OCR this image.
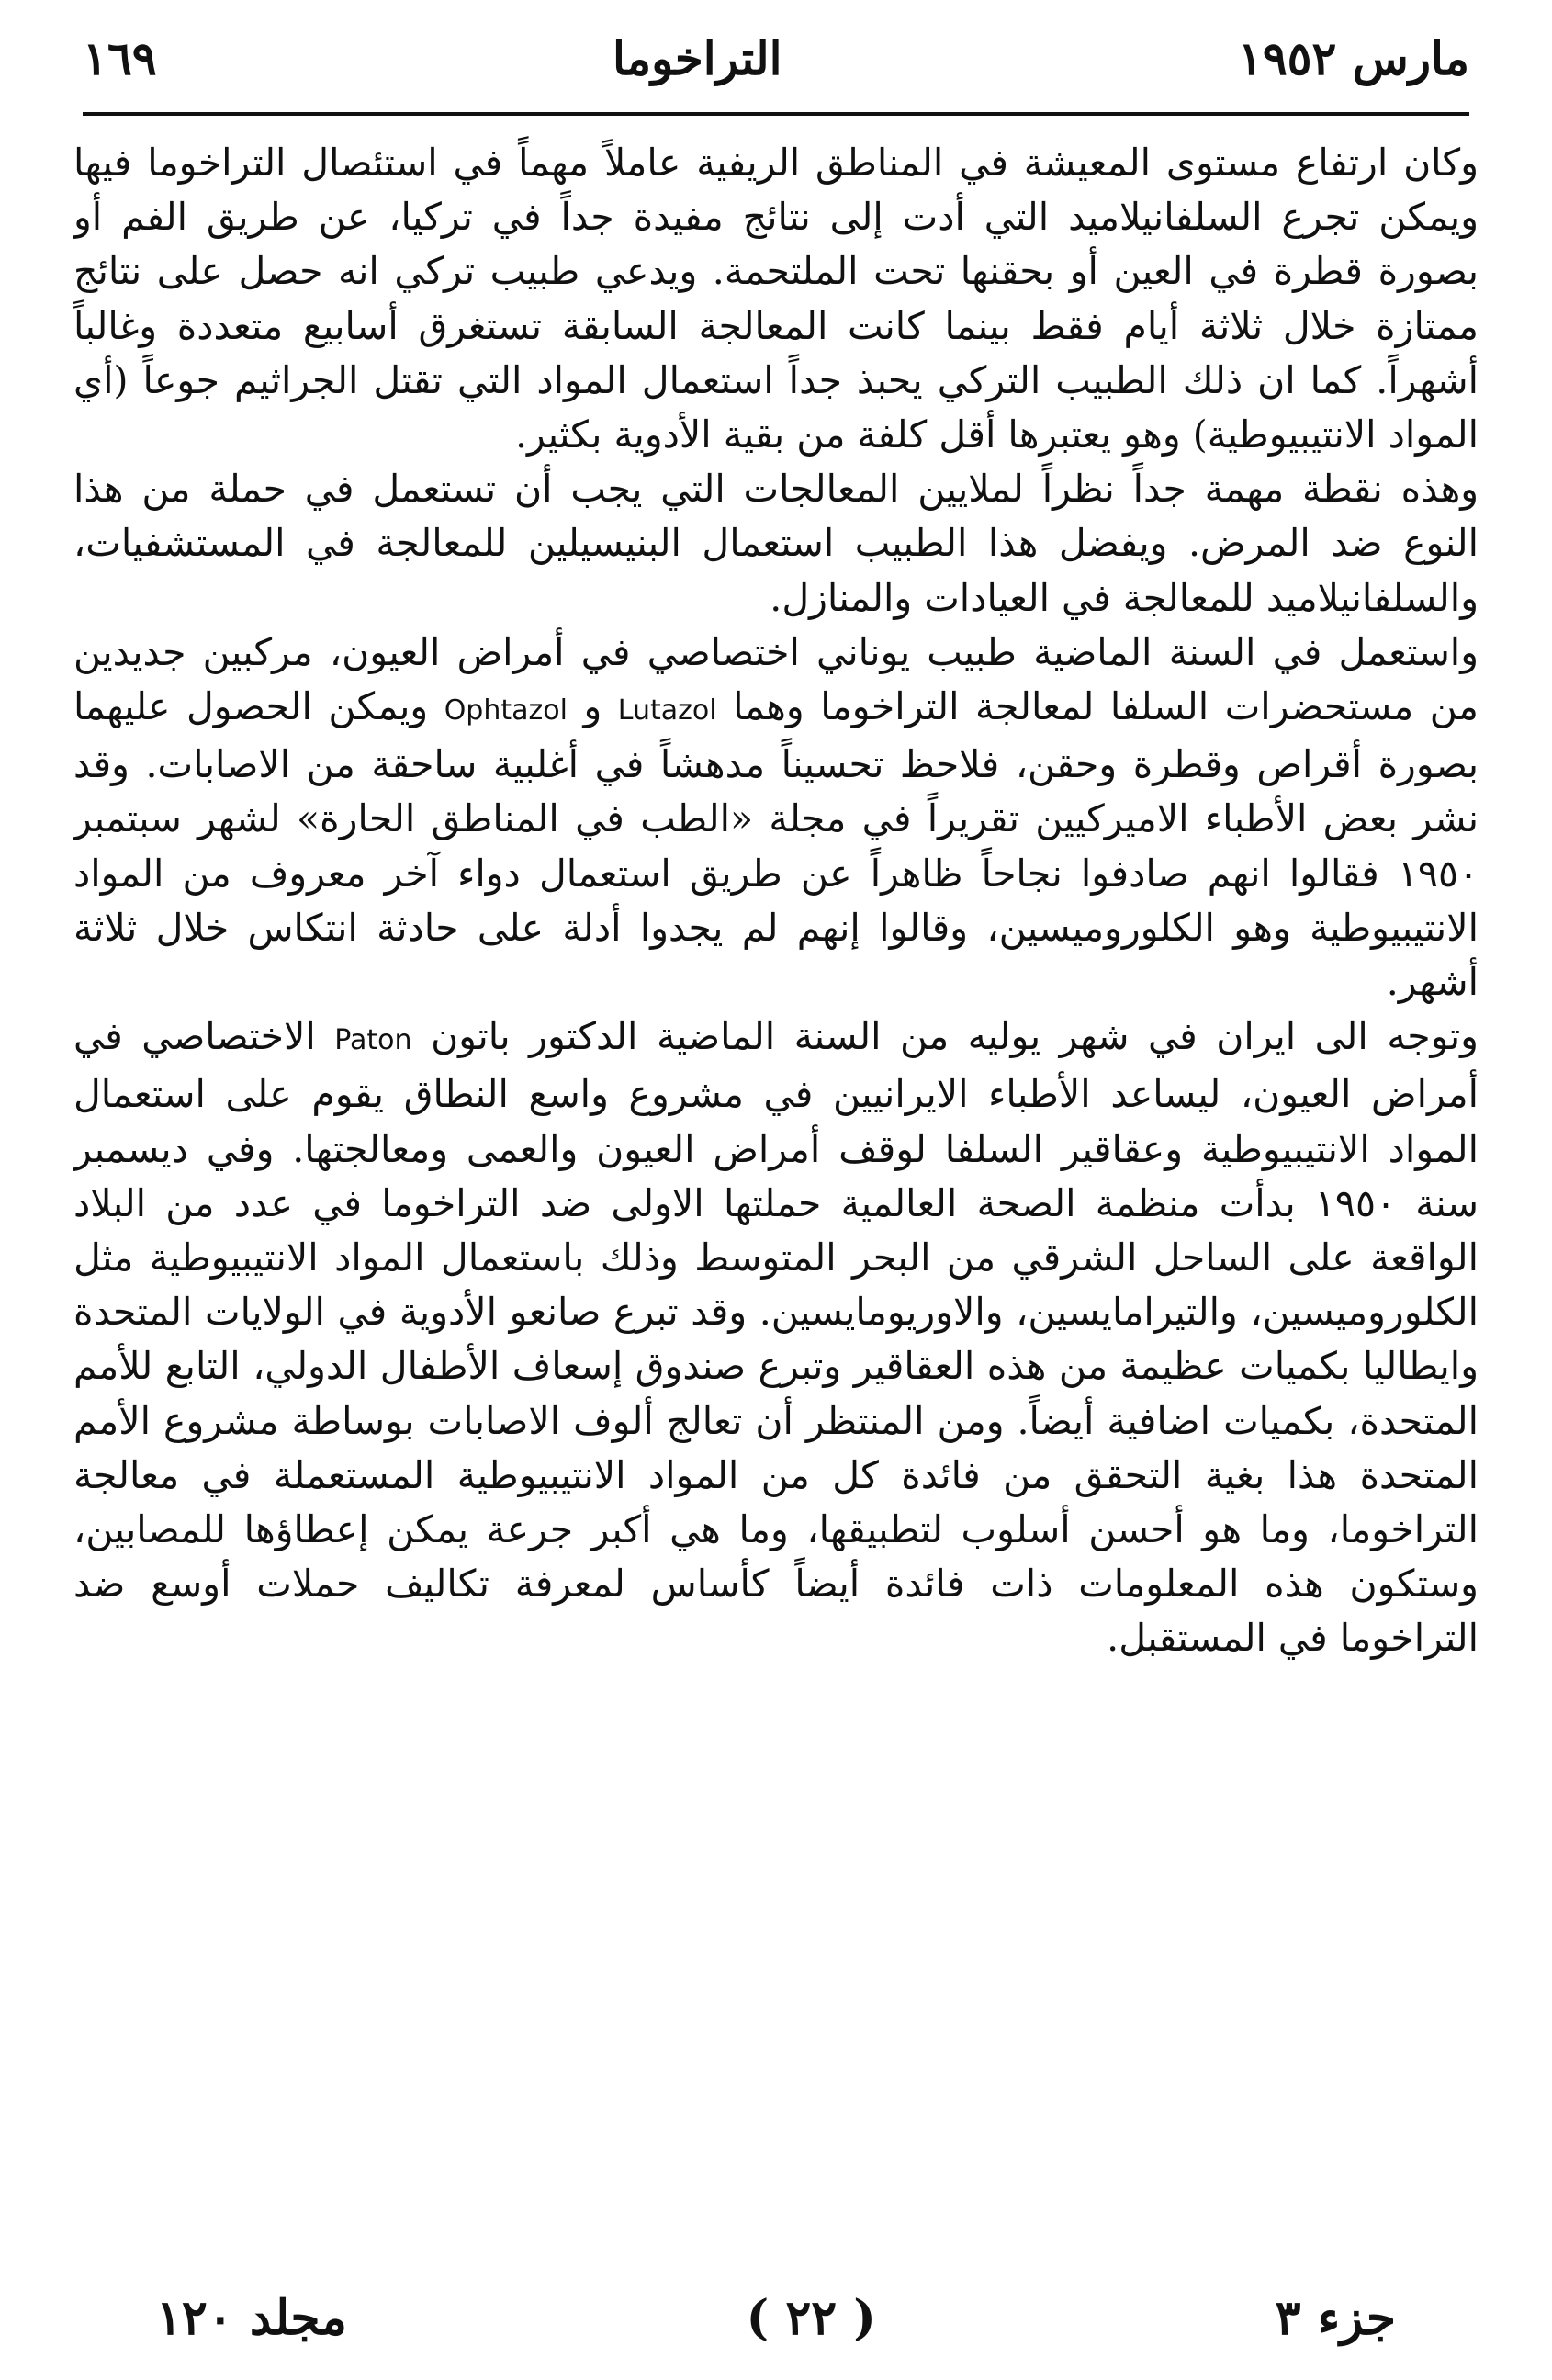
مارس ١٩٥٢
التراخوما
١٦٩

وكان ارتفاع مستوى المعيشة في المناطق الريفية عاملاً مهماً في استئصال التراخوما فيها ويمكن تجرع السلفانيلاميد التي أدت إلى نتائج مفيدة جداً في تركيا، عن طريق الفم أو بصورة قطرة في العين أو بحقنها تحت الملتحمة. ويدعي طبيب تركي انه حصل على نتائج ممتازة خلال ثلاثة أيام فقط بينما كانت المعالجة السابقة تستغرق أسابيع متعددة وغالباً أشهراً. كما ان ذلك الطبيب التركي يحبذ جداً استعمال المواد التي تقتل الجراثيم جوعاً (أي المواد الانتيبيوطية) وهو يعتبرها أقل كلفة من بقية الأدوية بكثير.

وهذه نقطة مهمة جداً نظراً لملايين المعالجات التي يجب أن تستعمل في حملة من هذا النوع ضد المرض. ويفضل هذا الطبيب استعمال البنيسيلين للمعالجة في المستشفيات، والسلفانيلاميد للمعالجة في العيادات والمنازل.

واستعمل في السنة الماضية طبيب يوناني اختصاصي في أمراض العيون، مركبين جديدين من مستحضرات السلفا لمعالجة التراخوما وهما Lutazol و Ophtazol ويمكن الحصول عليهما بصورة أقراص وقطرة وحقن، فلاحظ تحسيناً مدهشاً في أغلبية ساحقة من الاصابات. وقد نشر بعض الأطباء الاميركيين تقريراً في مجلة «الطب في المناطق الحارة» لشهر سبتمبر ١٩٥٠ فقالوا انهم صادفوا نجاحاً ظاهراً عن طريق استعمال دواء آخر معروف من المواد الانتيبيوطية وهو الكلوروميسين، وقالوا إنهم لم يجدوا أدلة على حادثة انتكاس خلال ثلاثة أشهر.

وتوجه الى ايران في شهر يوليه من السنة الماضية الدكتور باتون Paton الاختصاصي في أمراض العيون، ليساعد الأطباء الايرانيين في مشروع واسع النطاق يقوم على استعمال المواد الانتيبيوطية وعقاقير السلفا لوقف أمراض العيون والعمى ومعالجتها. وفي ديسمبر سنة ١٩٥٠ بدأت منظمة الصحة العالمية حملتها الاولى ضد التراخوما في عدد من البلاد الواقعة على الساحل الشرقي من البحر المتوسط وذلك باستعمال المواد الانتيبيوطية مثل الكلوروميسين، والتيرامايسين، والاوريومايسين. وقد تبرع صانعو الأدوية في الولايات المتحدة وايطاليا بكميات عظيمة من هذه العقاقير وتبرع صندوق إسعاف الأطفال الدولي، التابع للأمم المتحدة، بكميات اضافية أيضاً. ومن المنتظر أن تعالج ألوف الاصابات بوساطة مشروع الأمم المتحدة هذا بغية التحقق من فائدة كل من المواد الانتيبيوطية المستعملة في معالجة التراخوما، وما هو أحسن أسلوب لتطبيقها، وما هي أكبر جرعة يمكن إعطاؤها للمصابين، وستكون هذه المعلومات ذات فائدة أيضاً كأساس لمعرفة تكاليف حملات أوسع ضد التراخوما في المستقبل.

جزء ٣
( ٢٢ )
مجلد ١٢٠
